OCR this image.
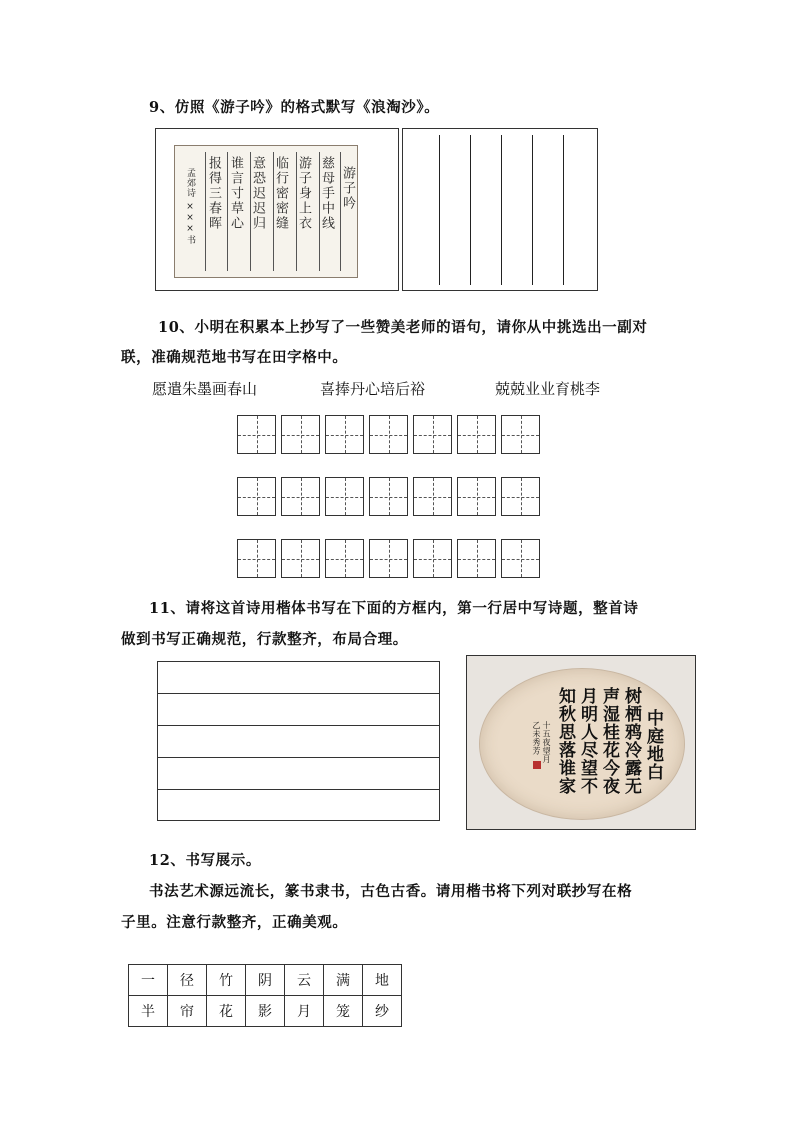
9、仿照《游子吟》的格式默写《浪淘沙》。
游子吟
慈母手中线
游子身上衣
临行密密缝
意恐迟迟归
谁言寸草心
报得三春晖
孟郊诗 ×××书
10、小明在积累本上抄写了一些赞美老师的语句，请你从中挑选出一副对
联，准确规范地书写在田字格中。
愿遣朱墨画春山	喜捧丹心培后裕	兢兢业业育桃李
11、请将这首诗用楷体书写在下面的方框内，第一行居中写诗题，整首诗
做到书写正确规范，行款整齐，布局合理。
中庭地白
树栖鸦冷露无
声湿桂花今夜
月明人尽望不
知秋思落谁家
十五夜望月
乙未秀芳
12、书写展示。
书法艺术源远流长，篆书隶书，古色古香。请用楷书将下列对联抄写在格
子里。注意行款整齐，正确美观。
一	径	竹	阴	云	满	地
半	帘	花	影	月	笼	纱
